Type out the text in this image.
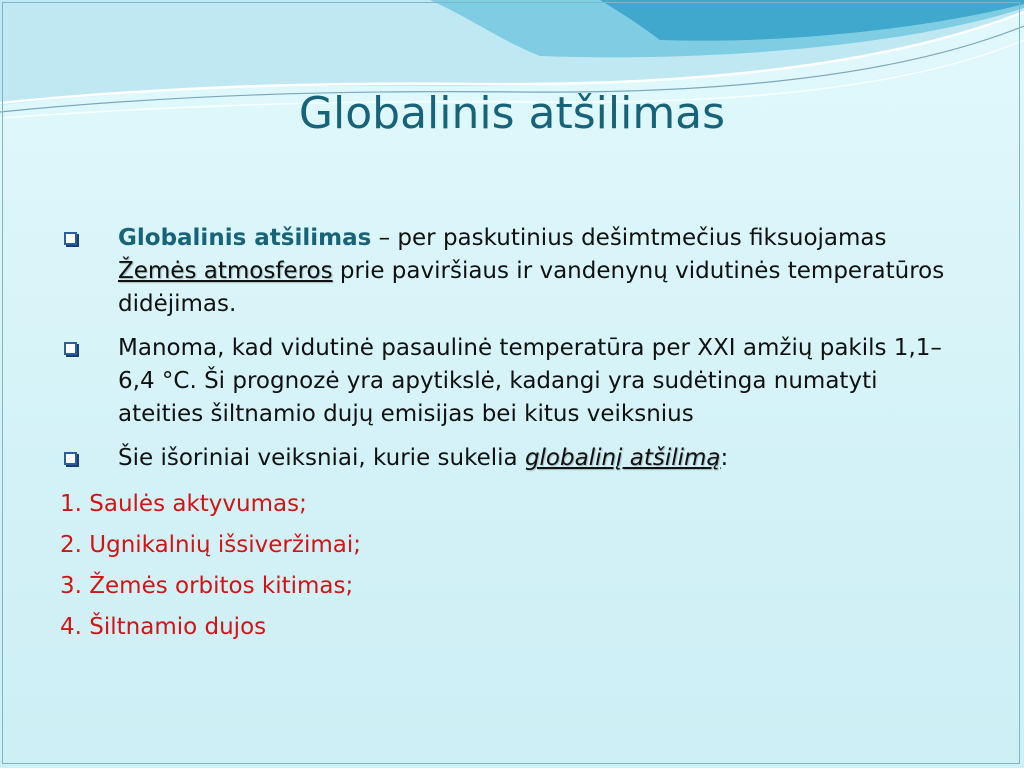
Globalinis atšilimas
Globalinis atšilimas – per paskutinius dešimtmečius fiksuojamas Žemės atmosferos prie paviršiaus ir vandenynų vidutinės temperatūros didėjimas.
Manoma, kad vidutinė pasaulinė temperatūra per XXI amžių pakils 1,1–6,4 °C. Ši prognozė yra apytikslė, kadangi yra sudėtinga numatyti ateities šiltnamio dujų emisijas bei kitus veiksnius
Šie išoriniai veiksniai, kurie sukelia globalinį atšilimą:
1. Saulės aktyvumas;
2. Ugnikalnių išsiveržimai;
3. Žemės orbitos kitimas;
4. Šiltnamio dujos
